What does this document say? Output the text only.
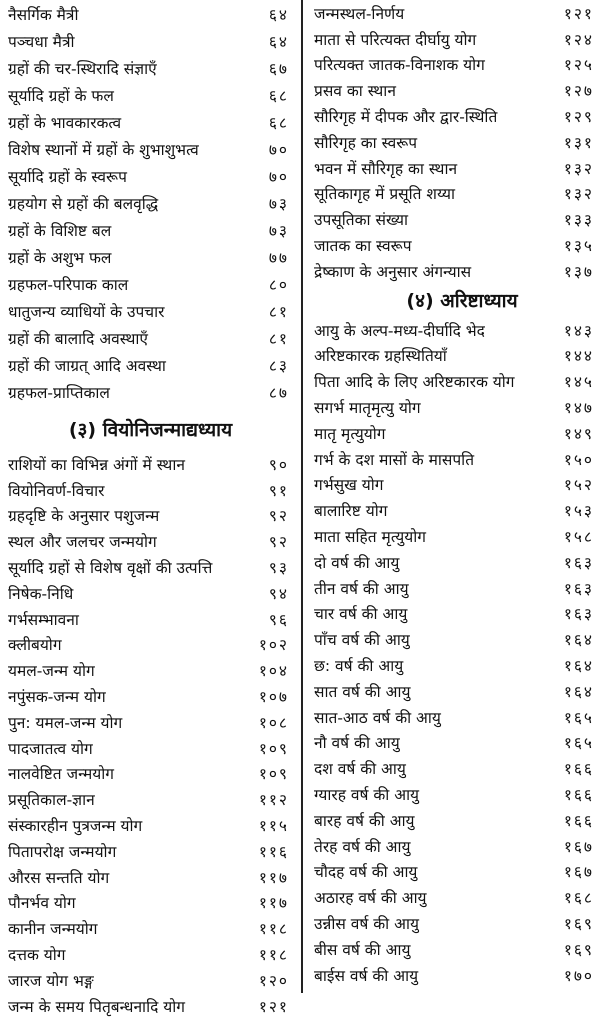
नैसर्गिक मैत्री	६४
पञ्चधा मैत्री	६४
ग्रहों की चर-स्थिरादि संज्ञाएँ	६७
सूर्यादि ग्रहों के फल	६८
ग्रहों के भावकारकत्व	६८
विशेष स्थानों में ग्रहों के शुभाशुभत्व	७०
सूर्यादि ग्रहों के स्वरूप	७०
ग्रहयोग से ग्रहों की बलवृद्धि	७३
ग्रहों के विशिष्ट बल	७३
ग्रहों के अशुभ फल	७७
ग्रहफल-परिपाक काल	८०
धातुजन्य व्याधियों के उपचार	८१
ग्रहों की बालादि अवस्थाएँ	८१
ग्रहों की जाग्रत् आदि अवस्था	८३
ग्रहफल-प्राप्तिकाल	८७
(३) वियोनिजन्माद्यध्याय
राशियों का विभिन्न अंगों में स्थान	९०
वियोनिवर्ण-विचार	९१
ग्रहदृष्टि के अनुसार पशुजन्म	९२
स्थल और जलचर जन्मयोग	९२
सूर्यादि ग्रहों से विशेष वृक्षों की उत्पत्ति	९३
निषेक-निधि	९४
गर्भसम्भावना	९६
क्लीबयोग	१०२
यमल-जन्म योग	१०४
नपुंसक-जन्म योग	१०७
पुन: यमल-जन्म योग	१०८
पादजातत्व योग	१०९
नालवेष्टित जन्मयोग	१०९
प्रसूतिकाल-ज्ञान	११२
संस्कारहीन पुत्रजन्म योग	११५
पितापरोक्ष जन्मयोग	११६
औरस सन्तति योग	११७
पौनर्भव योग	११७
कानीन जन्मयोग	११८
दत्तक योग	११८
जारज योग भङ्ग	१२०
जन्म के समय पितृबन्धनादि योग	१२१
जन्मस्थल-निर्णय	१२१
माता से परित्यक्त दीर्घायु योग	१२४
परित्यक्त जातक-विनाशक योग	१२५
प्रसव का स्थान	१२७
सौरिगृह में दीपक और द्वार-स्थिति	१२९
सौरिगृह का स्वरूप	१३१
भवन में सौरिगृह का स्थान	१३२
सूतिकागृह में प्रसूति शय्या	१३२
उपसूतिका संख्या	१३३
जातक का स्वरूप	१३५
द्रेष्काण के अनुसार अंगन्यास	१३७
(४) अरिष्टाध्याय
आयु के अल्प-मध्य-दीर्घादि भेद	१४३
अरिष्टकारक ग्रहस्थितियाँ	१४४
पिता आदि के लिए अरिष्टकारक योग	१४५
सगर्भ मातृमृत्यु योग	१४७
मातृ मृत्युयोग	१४९
गर्भ के दश मासों के मासपति	१५०
गर्भसुख योग	१५२
बालारिष्ट योग	१५३
माता सहित मृत्युयोग	१५८
दो वर्ष की आयु	१६३
तीन वर्ष की आयु	१६३
चार वर्ष की आयु	१६३
पाँच वर्ष की आयु	१६४
छ: वर्ष की आयु	१६४
सात वर्ष की आयु	१६४
सात-आठ वर्ष की आयु	१६५
नौ वर्ष की आयु	१६५
दश वर्ष की आयु	१६६
ग्यारह वर्ष की आयु	१६६
बारह वर्ष की आयु	१६६
तेरह वर्ष की आयु	१६७
चौदह वर्ष की आयु	१६७
अठारह वर्ष की आयु	१६८
उन्नीस वर्ष की आयु	१६९
बीस वर्ष की आयु	१६९
बाईस वर्ष की आयु	१७०
